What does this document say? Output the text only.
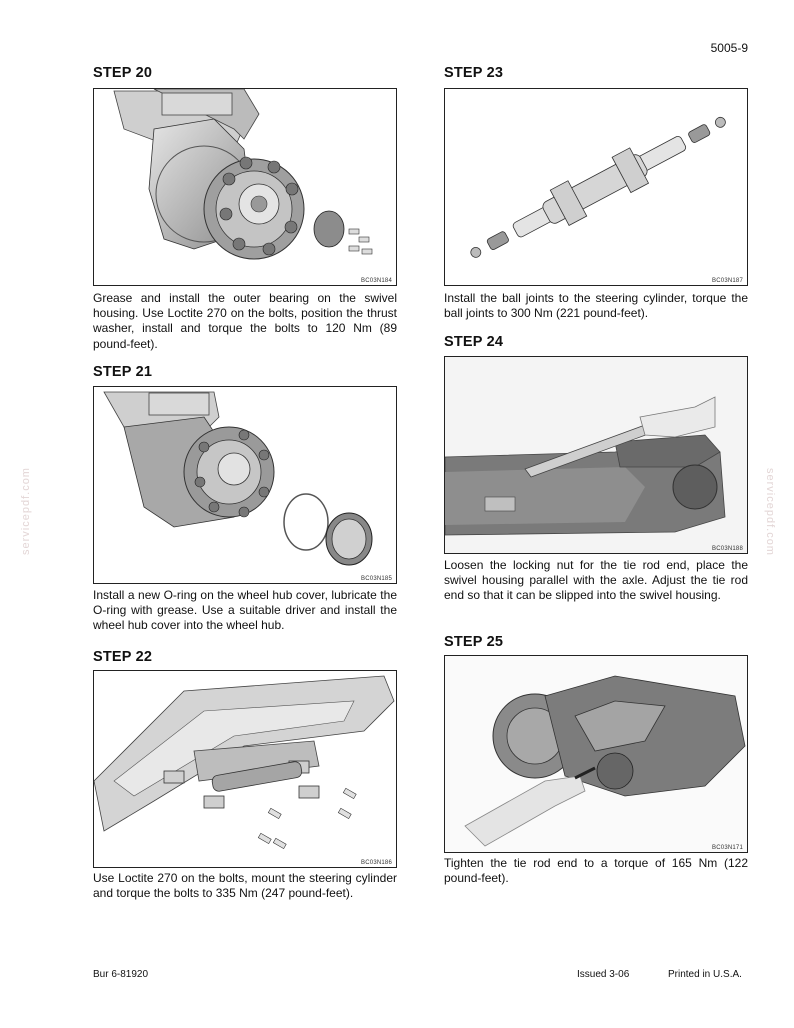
5005-9
servicepdf.com	servicepdf.com
STEP 20
BC03N184

Grease and install the outer bearing on the swivel housing. Use Loctite 270 on the bolts, position the thrust washer, install and torque the bolts to 120 Nm (89 pound-feet).

STEP 21
BC03N185

Install a new O-ring on the wheel hub cover, lubricate the O-ring with grease. Use a suitable driver and install the wheel hub cover into the wheel hub.

STEP 22
BC03N186

Use Loctite 270 on the bolts, mount the steering cylinder and torque the bolts to 335 Nm (247 pound-feet).

STEP 23
BC03N187

Install the ball joints to the steering cylinder, torque the ball joints to 300 Nm (221 pound-feet).

STEP 24
BC03N188

Loosen the locking nut for the tie rod end, place the swivel housing parallel with the axle. Adjust the tie rod end so that it can be slipped into the swivel housing.

STEP 25
BC03N171

Tighten the tie rod end to a torque of 165 Nm (122 pound-feet).

Bur 6-81920	Issued 3-06	Printed in U.S.A.
